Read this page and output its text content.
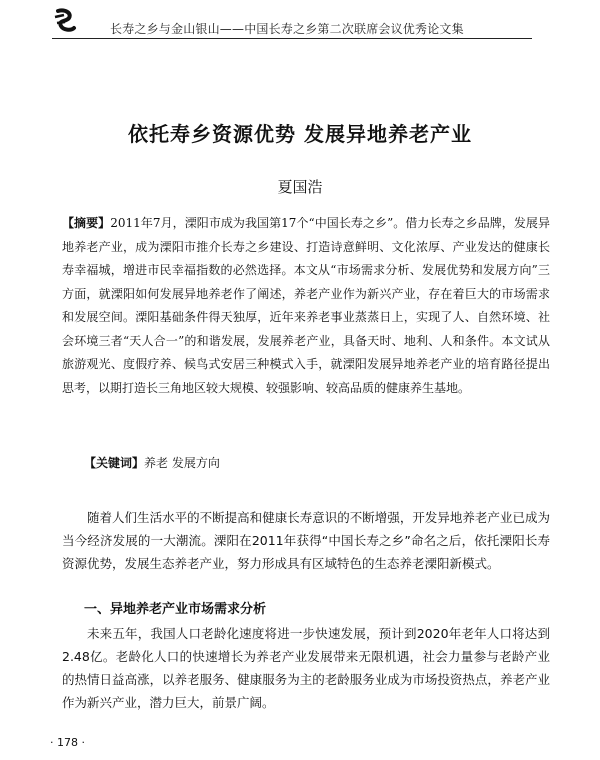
长寿之乡与金山银山——中国长寿之乡第二次联席会议优秀论文集
依托寿乡资源优势 发展异地养老产业
夏国浩
【摘要】2011年7月，溧阳市成为我国第17个“中国长寿之乡”。借力长寿之乡品牌，发展异地养老产业，成为溧阳市推介长寿之乡建设、打造诗意鲜明、文化浓厚、产业发达的健康长寿幸福城，增进市民幸福指数的必然选择。本文从“市场需求分析、发展优势和发展方向”三方面，就溧阳如何发展异地养老作了阐述，养老产业作为新兴产业，存在着巨大的市场需求和发展空间。溧阳基础条件得天独厚，近年来养老事业蒸蒸日上，实现了人、自然环境、社会环境三者“天人合一”的和谐发展，发展养老产业，具备天时、地利、人和条件。本文试从旅游观光、度假疗养、候鸟式安居三种模式入手，就溧阳发展异地养老产业的培育路径提出思考，以期打造长三角地区较大规模、较强影响、较高品质的健康养生基地。
【关键词】养老 发展方向
随着人们生活水平的不断提高和健康长寿意识的不断增强，开发异地养老产业已成为当今经济发展的一大潮流。溧阳在2011年获得“中国长寿之乡”命名之后，依托溧阳长寿资源优势，发展生态养老产业，努力形成具有区域特色的生态养老溧阳新模式。
一、异地养老产业市场需求分析
未来五年，我国人口老龄化速度将进一步快速发展，预计到2020年老年人口将达到2.48亿。老龄化人口的快速增长为养老产业发展带来无限机遇，社会力量参与老龄产业的热情日益高涨，以养老服务、健康服务为主的老龄服务业成为市场投资热点，养老产业作为新兴产业，潜力巨大，前景广阔。
· 178 ·
